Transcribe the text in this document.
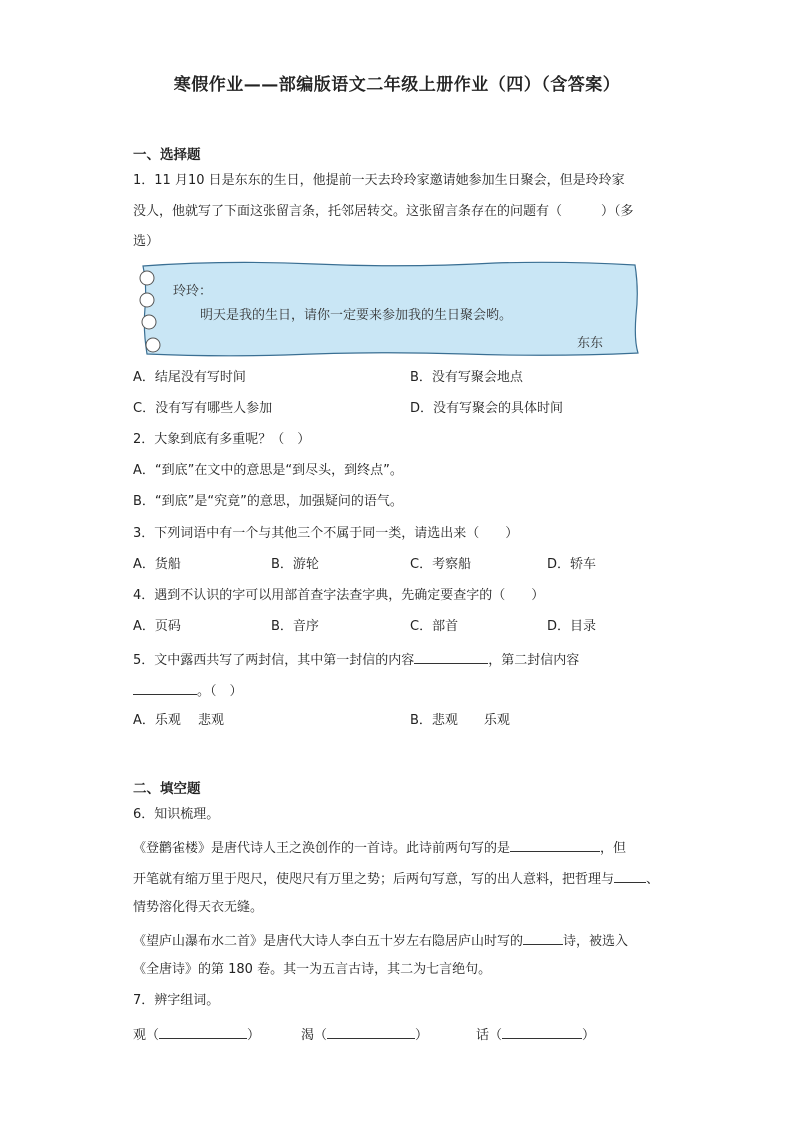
寒假作业——部编版语文二年级上册作业（四）（含答案）
一、选择题
1．11 月10 日是东东的生日，他提前一天去玲玲家邀请她参加生日聚会，但是玲玲家
没人，他就写了下面这张留言条，托邻居转交。这张留言条存在的问题有（　　　）（多
选）
玲玲：
明天是我的生日，请你一定要来参加我的生日聚会哟。
东东
A．结尾没有写时间	B．没有写聚会地点
C．没有写有哪些人参加	D．没有写聚会的具体时间
2．大象到底有多重呢？（　）
A．“到底”在文中的意思是“到尽头，到终点”。
B．“到底”是“究竟”的意思，加强疑问的语气。
3．下列词语中有一个与其他三个不属于同一类，请选出来（　　）
A．货船	B．游轮	C．考察船	D．轿车
4．遇到不认识的字可以用部首查字法查字典，先确定要查字的（　　）
A．页码	B．音序	C．部首	D．目录
5．文中露西共写了两封信，其中第一封信的内容	，第二封信内容
。（　）
A．乐观　 悲观	B．悲观　　乐观
二、填空题
6．知识梳理。
《登鹳雀楼》是唐代诗人王之涣创作的一首诗。此诗前两句写的是	，但
开笔就有缩万里于咫尺，使咫尺有万里之势；后两句写意，写的出人意料，把哲理与 、
情势溶化得天衣无缝。
《望庐山瀑布水二首》是唐代大诗人李白五十岁左右隐居庐山时写的	诗，被选入
《全唐诗》的第 180 卷。其一为五言古诗，其二为七言绝句。
7．辨字组词。
观（	）	渴（	）	话（	）
